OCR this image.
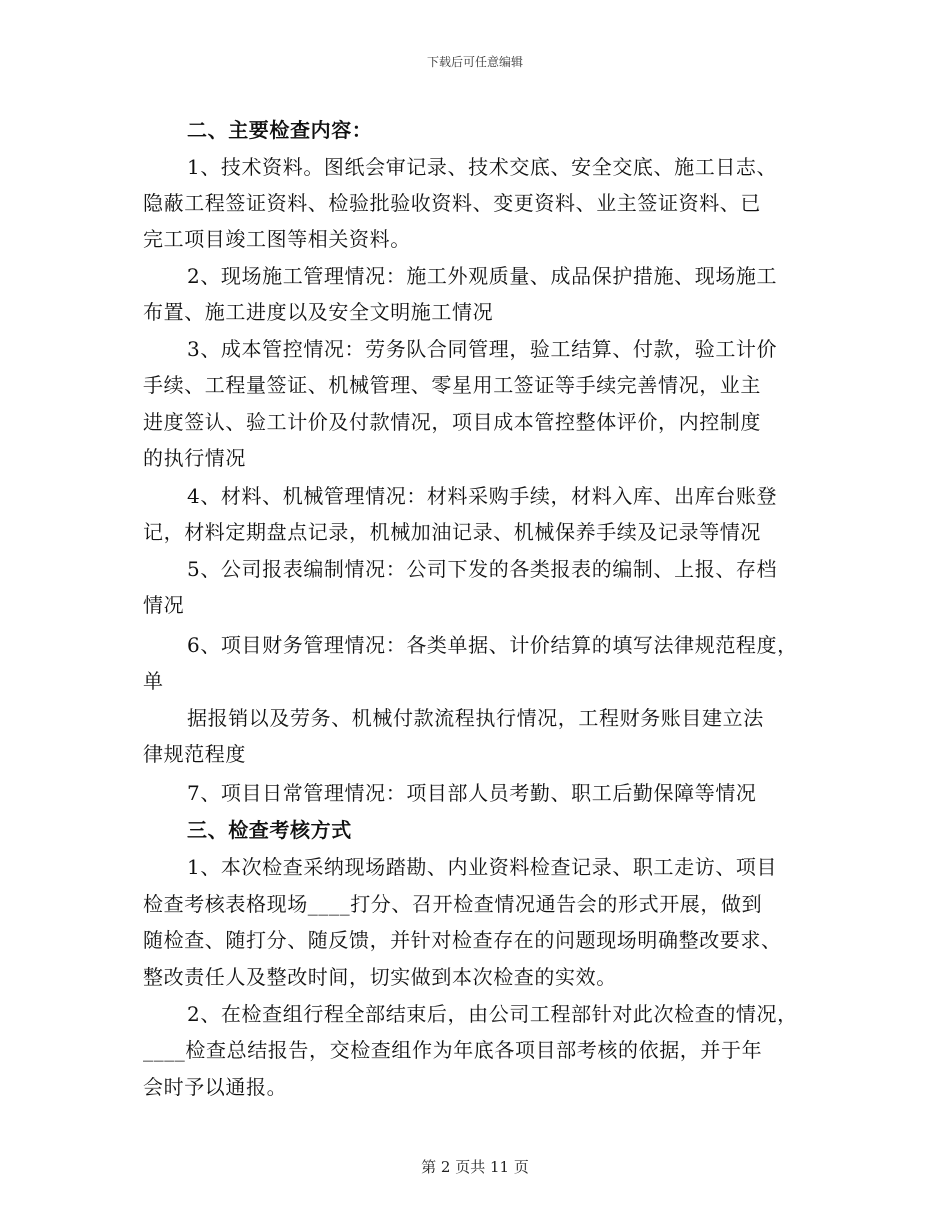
下载后可任意编辑
二、主要检查内容：
1、技术资料。图纸会审记录、技术交底、安全交底、施工日志、
隐蔽工程签证资料、检验批验收资料、变更资料、业主签证资料、已
完工项目竣工图等相关资料。
2、现场施工管理情况：施工外观质量、成品保护措施、现场施工
布置、施工进度以及安全文明施工情况
3、成本管控情况：劳务队合同管理，验工结算、付款，验工计价
手续、工程量签证、机械管理、零星用工签证等手续完善情况，业主
进度签认、验工计价及付款情况，项目成本管控整体评价，内控制度
的执行情况
4、材料、机械管理情况：材料采购手续，材料入库、出库台账登
记，材料定期盘点记录，机械加油记录、机械保养手续及记录等情况
5、公司报表编制情况：公司下发的各类报表的编制、上报、存档
情况
6、项目财务管理情况：各类单据、计价结算的填写法律规范程度，
单
据报销以及劳务、机械付款流程执行情况，工程财务账目建立法
律规范程度
7、项目日常管理情况：项目部人员考勤、职工后勤保障等情况
三、检查考核方式
1、本次检查采纳现场踏勘、内业资料检查记录、职工走访、项目
检查考核表格现场____打分、召开检查情况通告会的形式开展，做到
随检查、随打分、随反馈，并针对检查存在的问题现场明确整改要求、
整改责任人及整改时间，切实做到本次检查的实效。
2、在检查组行程全部结束后，由公司工程部针对此次检查的情况，
____检查总结报告，交检查组作为年底各项目部考核的依据，并于年
会时予以通报。
第 2 页共 11 页
